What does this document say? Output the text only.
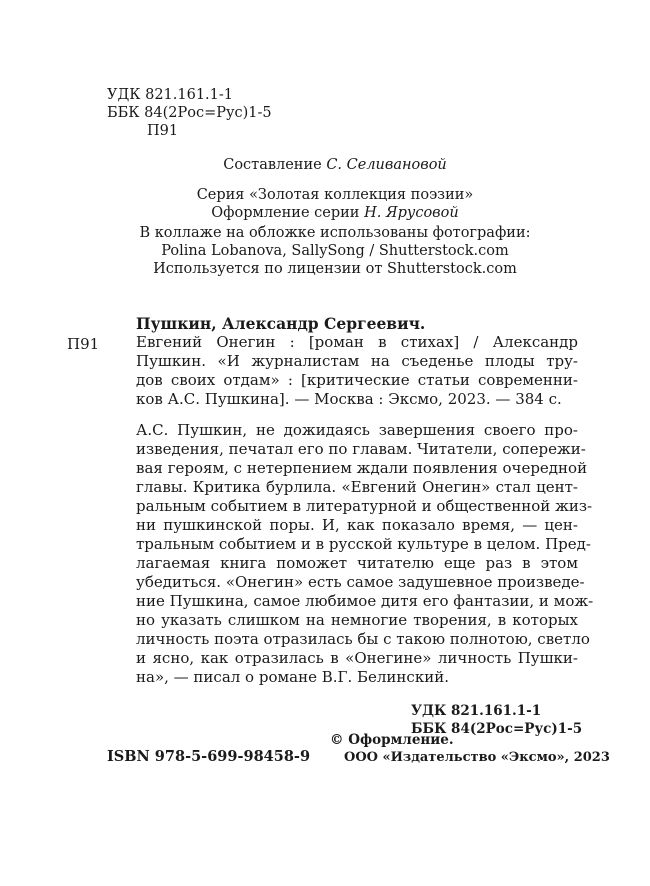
УДК 821.161.1-1
ББК 84(2Рос=Рус)1-5
П91
Составление С. Селивановой
Серия «Золотая коллекция поэзии»
Оформление серии Н. Ярусовой
В коллаже на обложке использованы фотографии:
Polina Lobanova, SallySong / Shutterstock.com
Используется по лицензии от Shutterstock.com
Пушкин, Александр Сергеевич.
П91 Евгений Онегин : [роман в стихах] / Александр

Пушкин. «И журналистам на съеденье плоды тру-

дов своих отдам» : [критические статьи современни-

ков А.С. Пушкина]. — Москва : Эксмо, 2023. — 384 с.

А.С. Пушкин, не дожидаясь завершения своего про-

изведения, печатал его по главам. Читатели, сопережи-

вая героям, с нетерпением ждали появления очередной

главы. Критика бурлила. «Евгений Онегин» стал цент-

ральным событием в литературной и общественной жиз-

ни пушкинской поры. И, как показало время, — цен-

тральным событием и в русской культуре в целом. Пред-

лагаемая книга поможет читателю еще раз в этом

убедиться. «Онегин» есть самое задушевное произведе-

ние Пушкина, самое любимое дитя его фантазии, и мож-

но указать слишком на немногие творения, в которых

личность поэта отразилась бы с такою полнотою, светло

и ясно, как отразилась в «Онегине» личность Пушки-

на», — писал о романе В.Г. Белинский.

УДК 821.161.1-1
ББК 84(2Рос=Рус)1-5
ISBN 978-5-699-98458-9
© Оформление.
ООО «Издательство «Эксмо», 2023
